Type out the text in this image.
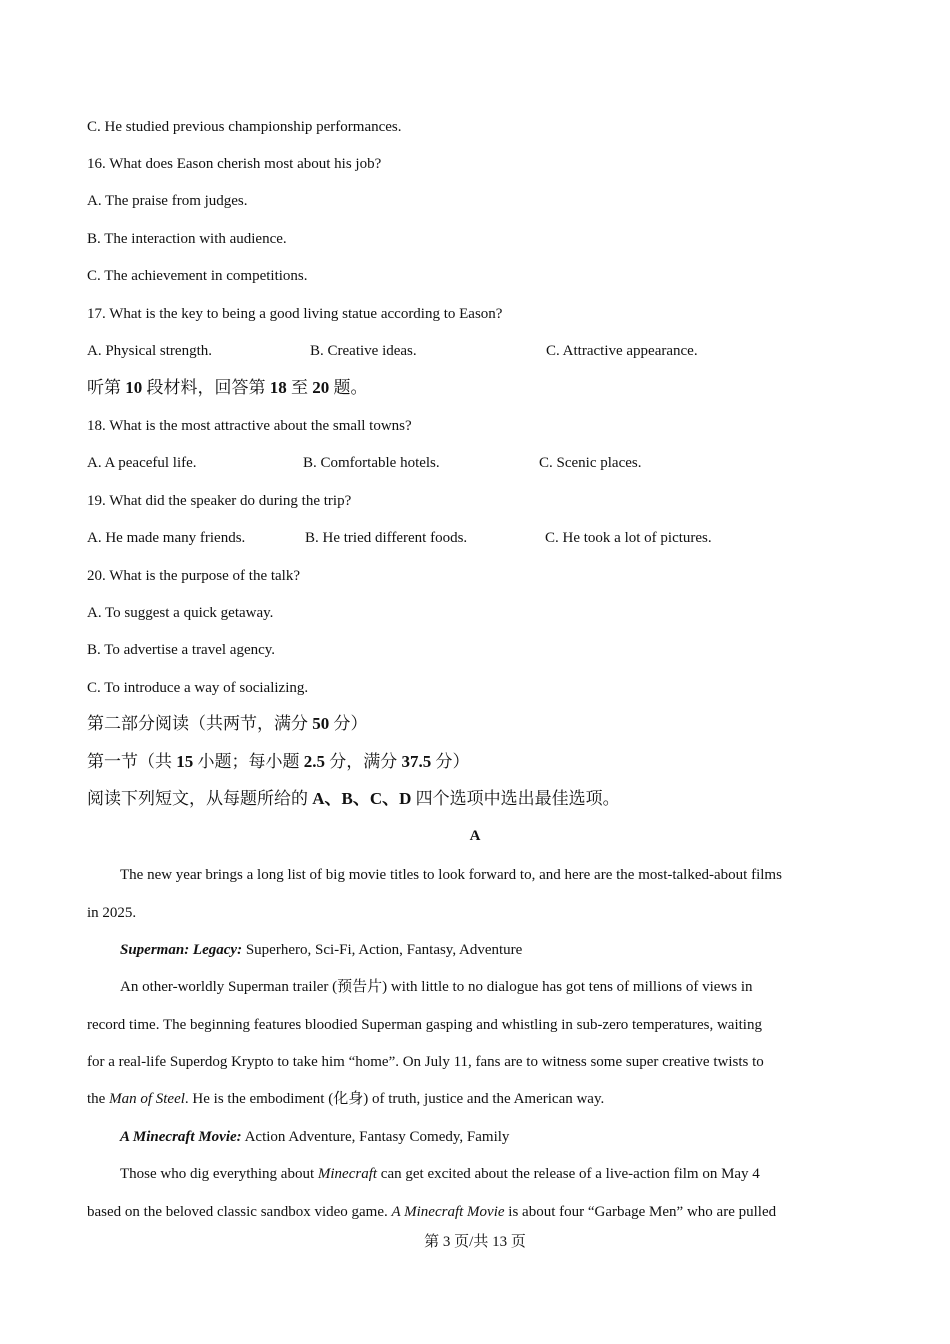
C. He studied previous championship performances.
16. What does Eason cherish most about his job?
A. The praise from judges.
B. The interaction with audience.
C. The achievement in competitions.
17. What is the key to being a good living statue according to Eason?
A. Physical strength.	B. Creative ideas.	C. Attractive appearance.
听第 10 段材料，回答第 18 至 20 题。
18. What is the most attractive about the small towns?
A. A peaceful life.	B. Comfortable hotels.	C. Scenic places.
19. What did the speaker do during the trip?
A. He made many friends.	B. He tried different foods.	C. He took a lot of pictures.
20. What is the purpose of the talk?
A. To suggest a quick getaway.
B. To advertise a travel agency.
C. To introduce a way of socializing.
第二部分阅读（共两节，满分 50 分）
第一节（共 15 小题；每小题 2.5 分，满分 37.5 分）
阅读下列短文，从每题所给的 A、B、C、D 四个选项中选出最佳选项。
A
The new year brings a long list of big movie titles to look forward to, and here are the most-talked-about films
in 2025.
Superman: Legacy: Superhero, Sci-Fi, Action, Fantasy, Adventure
An other-worldly Superman trailer (预告片) with little to no dialogue has got tens of millions of views in
record time. The beginning features bloodied Superman gasping and whistling in sub-zero temperatures, waiting
for a real-life Superdog Krypto to take him “home”. On July 11, fans are to witness some super creative twists to
the Man of Steel. He is the embodiment (化身) of truth, justice and the American way.
A Minecraft Movie: Action Adventure, Fantasy Comedy, Family
Those who dig everything about Minecraft can get excited about the release of a live-action film on May 4
based on the beloved classic sandbox video game. A Minecraft Movie is about four “Garbage Men” who are pulled
第 3 页/共 13 页
